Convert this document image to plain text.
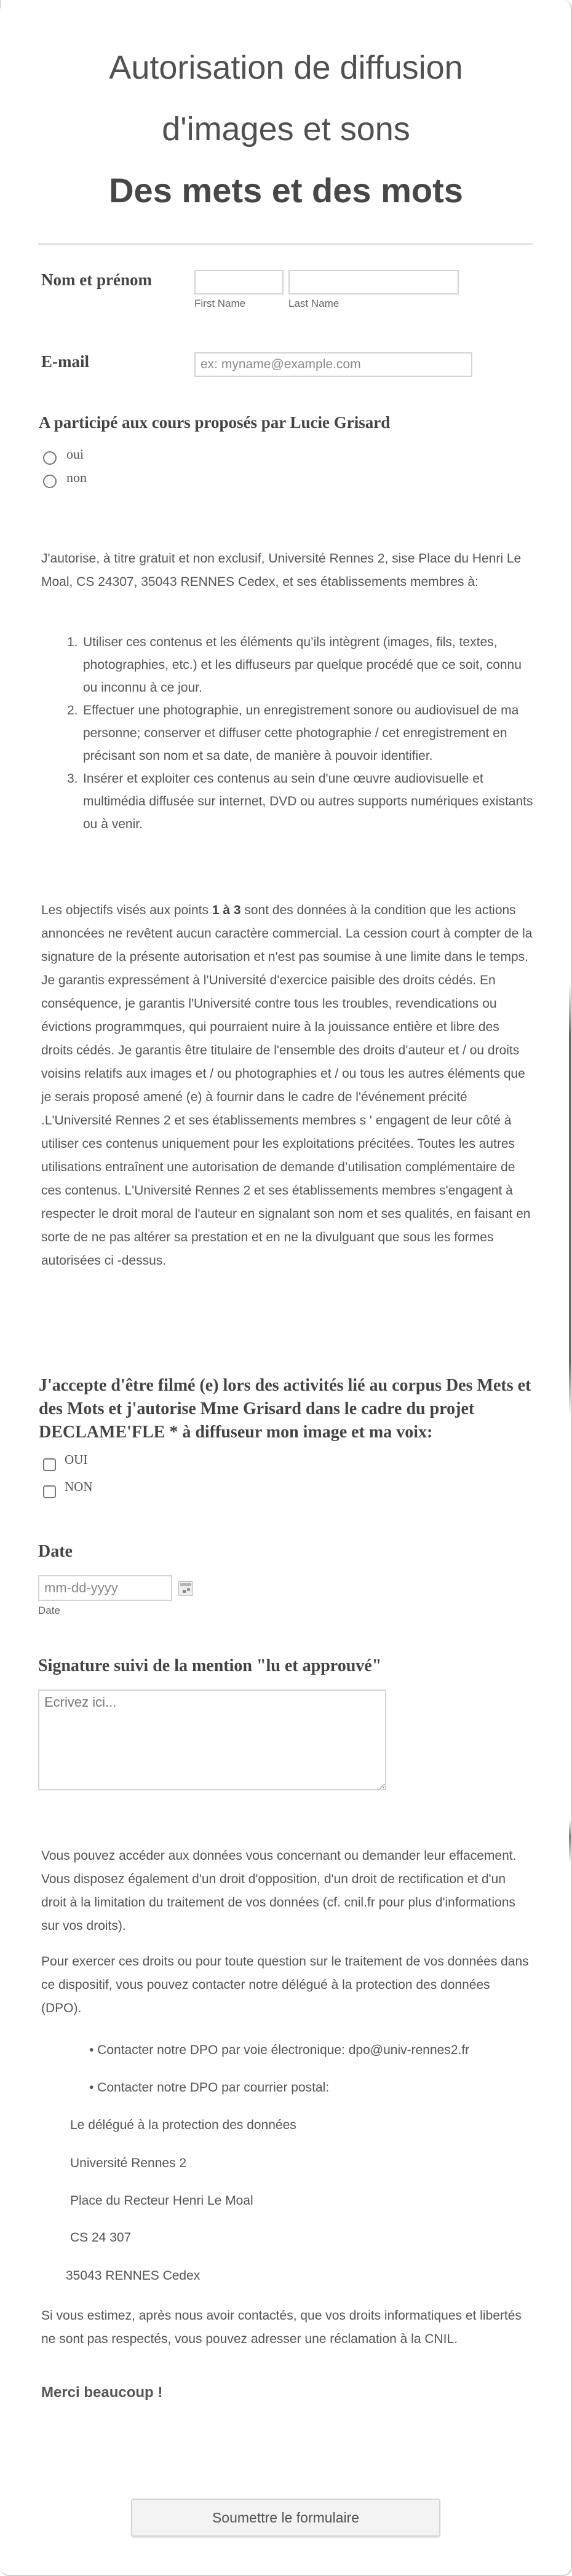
Autorisation de diffusion
d'images et sons
Des mets et des mots
Nom et prénom
First Name	Last Name
E-mail
ex: myname@example.com
A participé aux cours proposés par Lucie Grisard
oui
non
J'autorise, à titre gratuit et non exclusif, Université Rennes 2, sise Place du Henri Le Moal, CS 24307, 35043 RENNES Cedex, et ses établissements membres à:
1. Utiliser ces contenus et les éléments qu’ils intègrent (images, fils, textes, photographies, etc.) et les diffuseurs par quelque procédé que ce soit, connu ou inconnu à ce jour.
2. Effectuer une photographie, un enregistrement sonore ou audiovisuel de ma personne; conserver et diffuser cette photographie / cet enregistrement en précisant son nom et sa date, de manière à pouvoir identifier.
3. Insérer et exploiter ces contenus au sein d'une œuvre audiovisuelle et multimédia diffusée sur internet, DVD ou autres supports numériques existants ou à venir.
Les objectifs visés aux points 1 à 3 sont des données à la condition que les actions annoncées ne revêtent aucun caractère commercial. La cession court à compter de la signature de la présente autorisation et n'est pas soumise à une limite dans le temps. Je garantis expressément à l'Université d'exercice paisible des droits cédés. En conséquence, je garantis l'Université contre tous les troubles, revendications ou évictions programmques, qui pourraient nuire à la jouissance entière et libre des droits cédés. Je garantis être titulaire de l'ensemble des droits d'auteur et / ou droits voisins relatifs aux images et / ou photographies et / ou tous les autres éléments que je serais proposé amené (e) à fournir dans le cadre de l'événement précité .L'Université Rennes 2 et ses établissements membres s ' engagent de leur côté à utiliser ces contenus uniquement pour les exploitations précitées. Toutes les autres utilisations entraînent une autorisation de demande d’utilisation complémentaire de ces contenus. L'Université Rennes 2 et ses établissements membres s'engagent à respecter le droit moral de l'auteur en signalant son nom et ses qualités, en faisant en sorte de ne pas altérer sa prestation et en ne la divulguant que sous les formes autorisées ci -dessus.
J'accepte d'être filmé (e) lors des activités lié au corpus Des Mets et des Mots et j'autorise Mme Grisard dans le cadre du projet DECLAME'FLE * à diffuseur mon image et ma voix:
OUI
NON
Date
mm-dd-yyyy
Date
Signature suivi de la mention "lu et approuvé"
Ecrivez ici...
Vous pouvez accéder aux données vous concernant ou demander leur effacement. Vous disposez également d'un droit d'opposition, d'un droit de rectification et d'un droit à la limitation du traitement de vos données (cf. cnil.fr pour plus d'informations sur vos droits).
Pour exercer ces droits ou pour toute question sur le traitement de vos données dans ce dispositif, vous pouvez contacter notre délégué à la protection des données (DPO).
• Contacter notre DPO par voie électronique: dpo@univ-rennes2.fr
• Contacter notre DPO par courrier postal:
Le délégué à la protection des données
Université Rennes 2
Place du Recteur Henri Le Moal
CS 24 307
35043 RENNES Cedex
Si vous estimez, après nous avoir contactés, que vos droits informatiques et libertés ne sont pas respectés, vous pouvez adresser une réclamation à la CNIL.
Merci beaucoup !
Soumettre le formulaire
